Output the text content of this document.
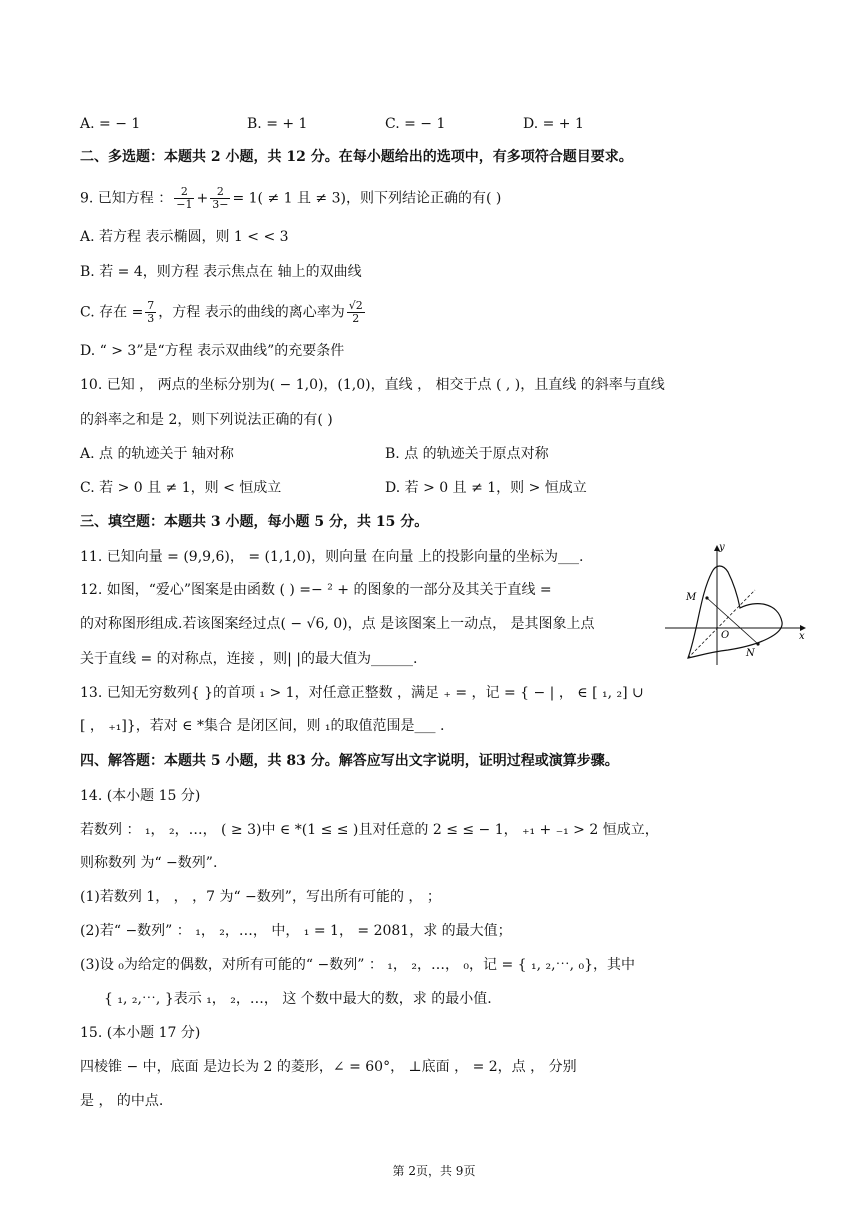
A. = − 1	B. = + 1	C. = − 1	D. = + 1
二、多选题：本题共 2 小题，共 12 分。在每小题给出的选项中，有多项符合题目要求。
9. 已知方程 ： $\frac{2}{-1} + \frac{2}{3-} = 1( \ne 1$ 且 ≠ 3)，则下列结论正确的有( )
A. 若方程 表示椭圆，则 1 < < 3
B. 若 = 4，则方程 表示焦点在 轴上的双曲线
C. 存在 = $\frac{7}{3}$ ，方程 表示的曲线的离心率为 $\frac{√2}{2}$
D. “ > 3”是“方程 表示双曲线”的充要条件
10. 已知 ， 两点的坐标分别为( − 1,0)，(1,0)，直线 ， 相交于点 ( , )，且直线 的斜率与直线
的斜率之和是 2，则下列说法正确的有( )
A. 点 的轨迹关于 轴对称	B. 点 的轨迹关于原点对称
C. 若 > 0 且 ≠ 1，则 < 恒成立	D. 若 > 0 且 ≠ 1，则 > 恒成立
三、填空题：本题共 3 小题，每小题 5 分，共 15 分。
11. 已知向量 = (9,9,6)， = (1,1,0)，则向量 在向量 上的投影向量的坐标为___.
12. 如图，“爱心”图案是由函数 ( ) =− ² + 的图象的一部分及其关于直线 =
的对称图形组成.若该图案经过点( − √6, 0)，点 是该图案上一动点， 是其图象上点
关于直线 = 的对称点，连接 ，则| |的最大值为______.
y
x
O
M
N
13. 已知无穷数列{ }的首项 ₁ > 1，对任意正整数 ，满足 ₊ = ，记 = { − | ， ∈ [ ₁, ₂] ∪
[ ， ₊₁]}，若对 ∈ *集合 是闭区间，则 ₁的取值范围是___ .
四、解答题：本题共 5 小题，共 83 分。解答应写出文字说明，证明过程或演算步骤。
14. (本小题 15 分)
若数列 ： ₁， ₂，…， ( ≥ 3)中 ∈ *(1 ≤ ≤ )且对任意的 2 ≤ ≤ − 1， ₊₁ + ₋₁ > 2 恒成立，
则称数列 为“ −数列”.
(1)若数列 1， ， ，7 为“ −数列”，写出所有可能的 ， ；
(2)若“ −数列” ： ₁， ₂，…， 中， ₁ = 1， = 2081，求 的最大值；
(3)设 ₀为给定的偶数，对所有可能的“ −数列” ： ₁， ₂，…， ₀，记 = { ₁, ₂,⋯, ₀}，其中
{ ₁, ₂,⋯, }表示 ₁， ₂，…， 这 个数中最大的数，求 的最小值.
15. (本小题 17 分)
四棱锥 − 中，底面 是边长为 2 的菱形，∠ = 60°， ⊥底面 ， = 2，点 ， 分别
是 ， 的中点.
第 2页，共 9页
